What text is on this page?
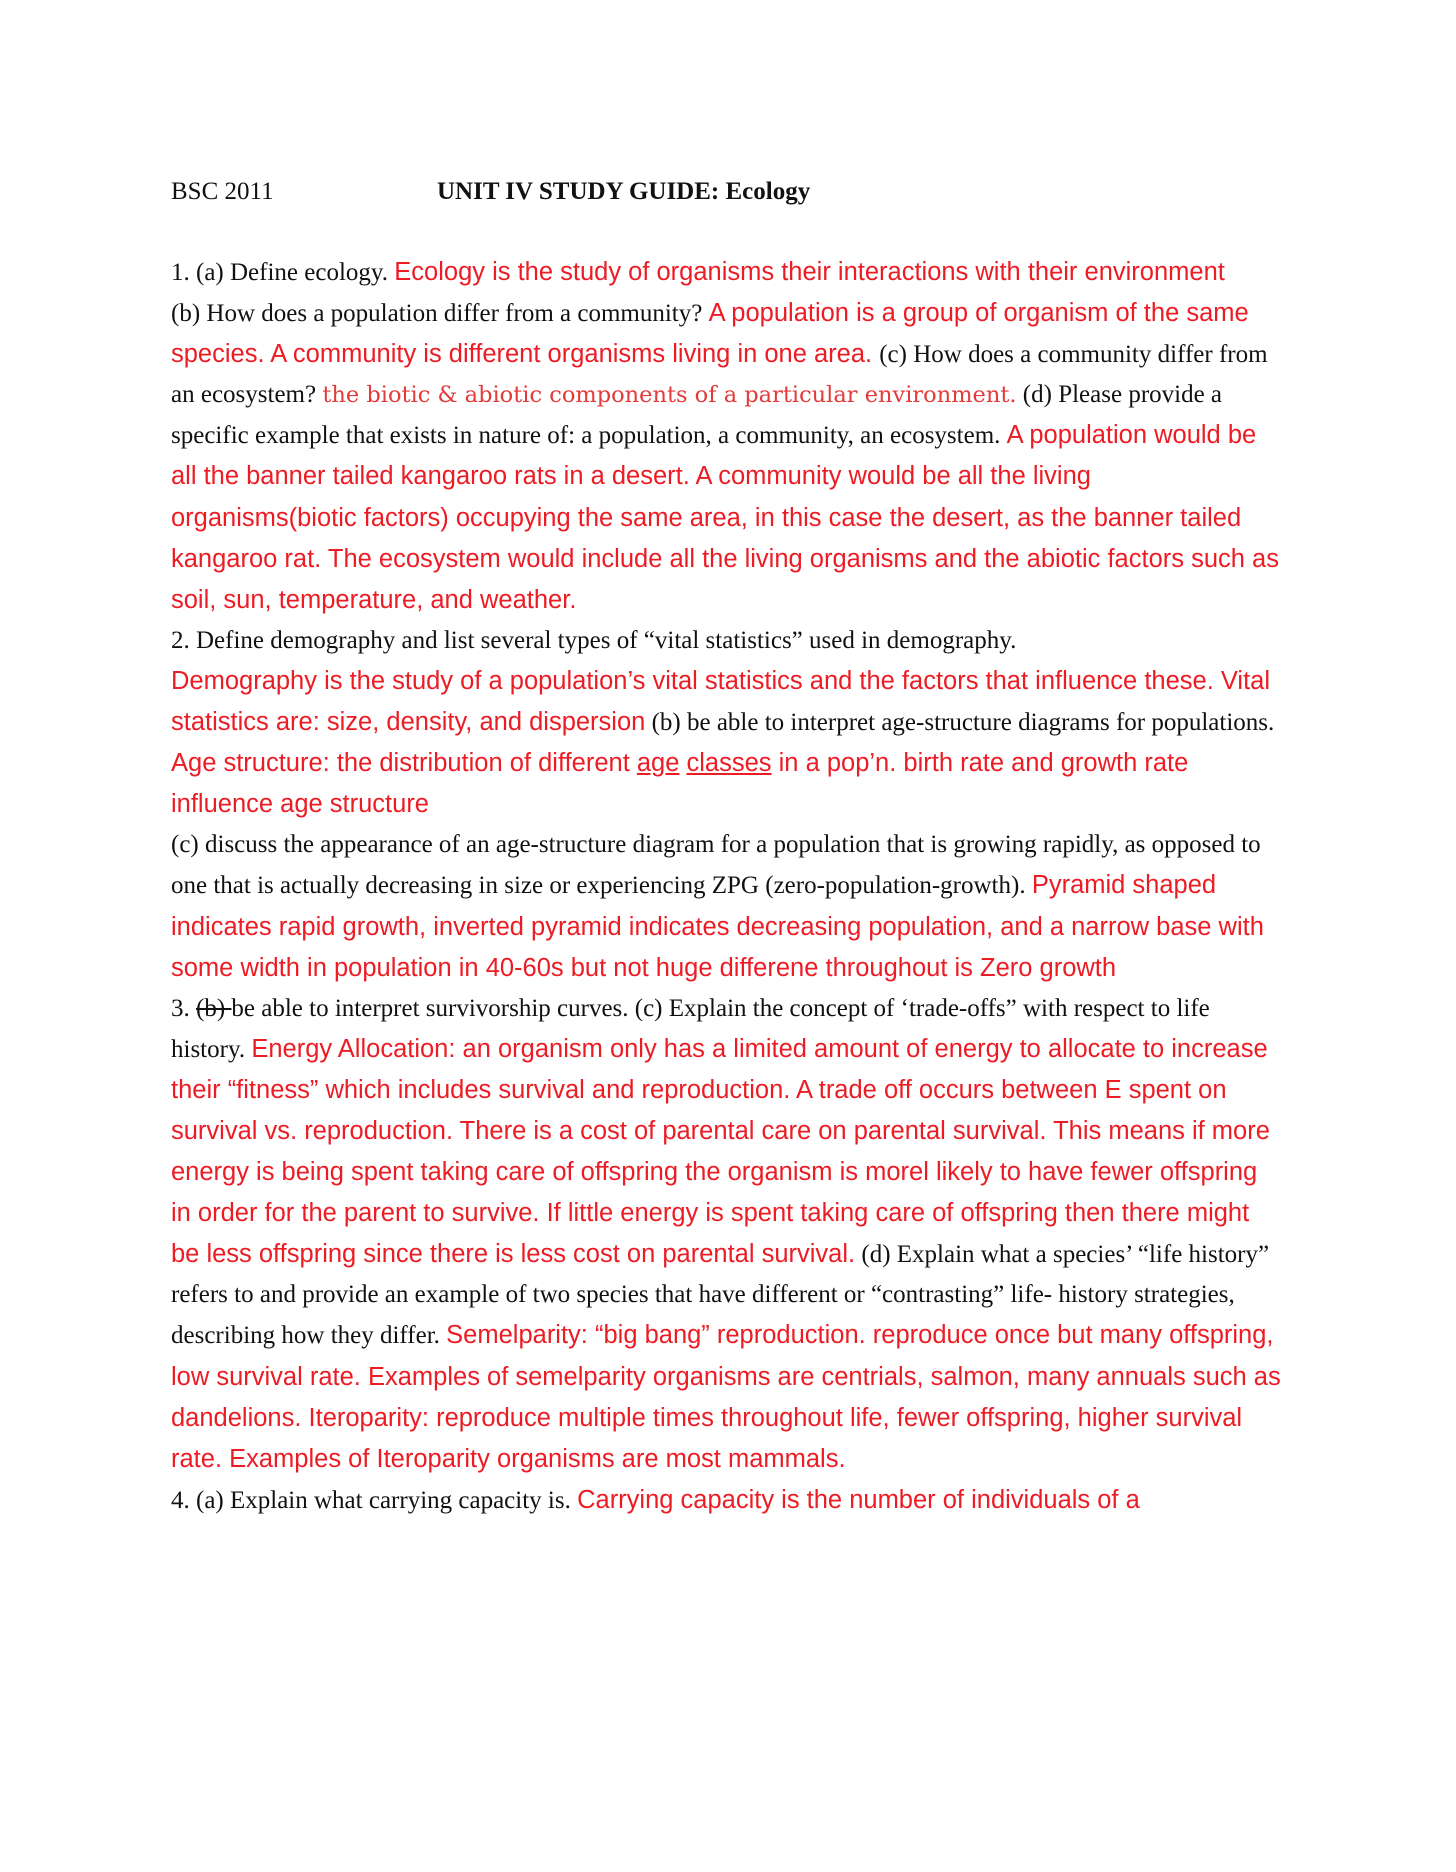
BSC 2011	UNIT IV STUDY GUIDE: Ecology

1. (a) Define ecology. Ecology is the study of organisms their interactions with their environment

(b) How does a population differ from a community? A population is a group of organism of the same species. A community is different organisms living in one area. (c) How does a community differ from an ecosystem? the biotic & abiotic components of a particular environment. (d) Please provide a specific example that exists in nature of: a population, a community, an ecosystem. A population would be all the banner tailed kangaroo rats in a desert. A community would be all the living organisms(biotic factors) occupying the same area, in this case the desert, as the banner tailed kangaroo rat. The ecosystem would include all the living organisms and the abiotic factors such as soil, sun, temperature, and weather.

2. Define demography and list several types of “vital statistics” used in demography.

Demography is the study of a population’s vital statistics and the factors that influence these. Vital statistics are: size, density, and dispersion (b) be able to interpret age-structure diagrams for populations. Age structure: the distribution of different age classes in a pop’n. birth rate and growth rate influence age structure

(c) discuss the appearance of an age-structure diagram for a population that is growing rapidly, as opposed to one that is actually decreasing in size or experiencing ZPG (zero-population-growth). Pyramid shaped indicates rapid growth, inverted pyramid indicates decreasing population, and a narrow base with some width in population in 40-60s but not huge differene throughout is Zero growth

3. (b) be able to interpret survivorship curves. (c) Explain the concept of ‘trade-offs” with respect to life history. Energy Allocation: an organism only has a limited amount of energy to allocate to increase their “fitness” which includes survival and reproduction. A trade off occurs between E spent on survival vs. reproduction. There is a cost of parental care on parental survival. This means if more energy is being spent taking care of offspring the organism is morel likely to have fewer offspring in order for the parent to survive. If little energy is spent taking care of offspring then there might be less offspring since there is less cost on parental survival. (d) Explain what a species’ “life history” refers to and provide an example of two species that have different or “contrasting” life- history strategies, describing how they differ. Semelparity: “big bang” reproduction. reproduce once but many offspring, low survival rate. Examples of semelparity organisms are centrials, salmon, many annuals such as dandelions. Iteroparity: reproduce multiple times throughout life, fewer offspring, higher survival rate. Examples of Iteroparity organisms are most mammals.

4. (a) Explain what carrying capacity is. Carrying capacity is the number of individuals of a
